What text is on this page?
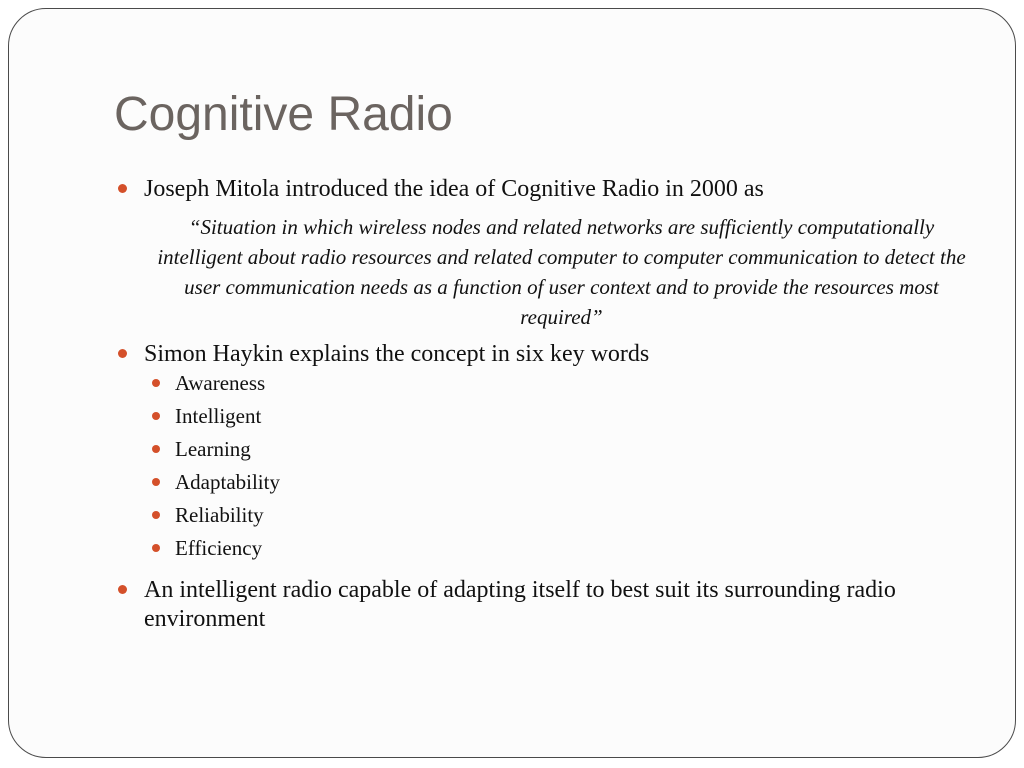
Cognitive Radio
Joseph Mitola introduced the idea of Cognitive Radio in 2000 as
“Situation in which wireless nodes and related networks are sufficiently computationally intelligent about radio resources and related computer to computer communication to detect the user communication needs as a function of user context and to provide the resources most required”
Simon Haykin explains the concept in six key words
Awareness
Intelligent
Learning
Adaptability
Reliability
Efficiency
An intelligent radio capable of adapting itself to best suit its surrounding radio environment
